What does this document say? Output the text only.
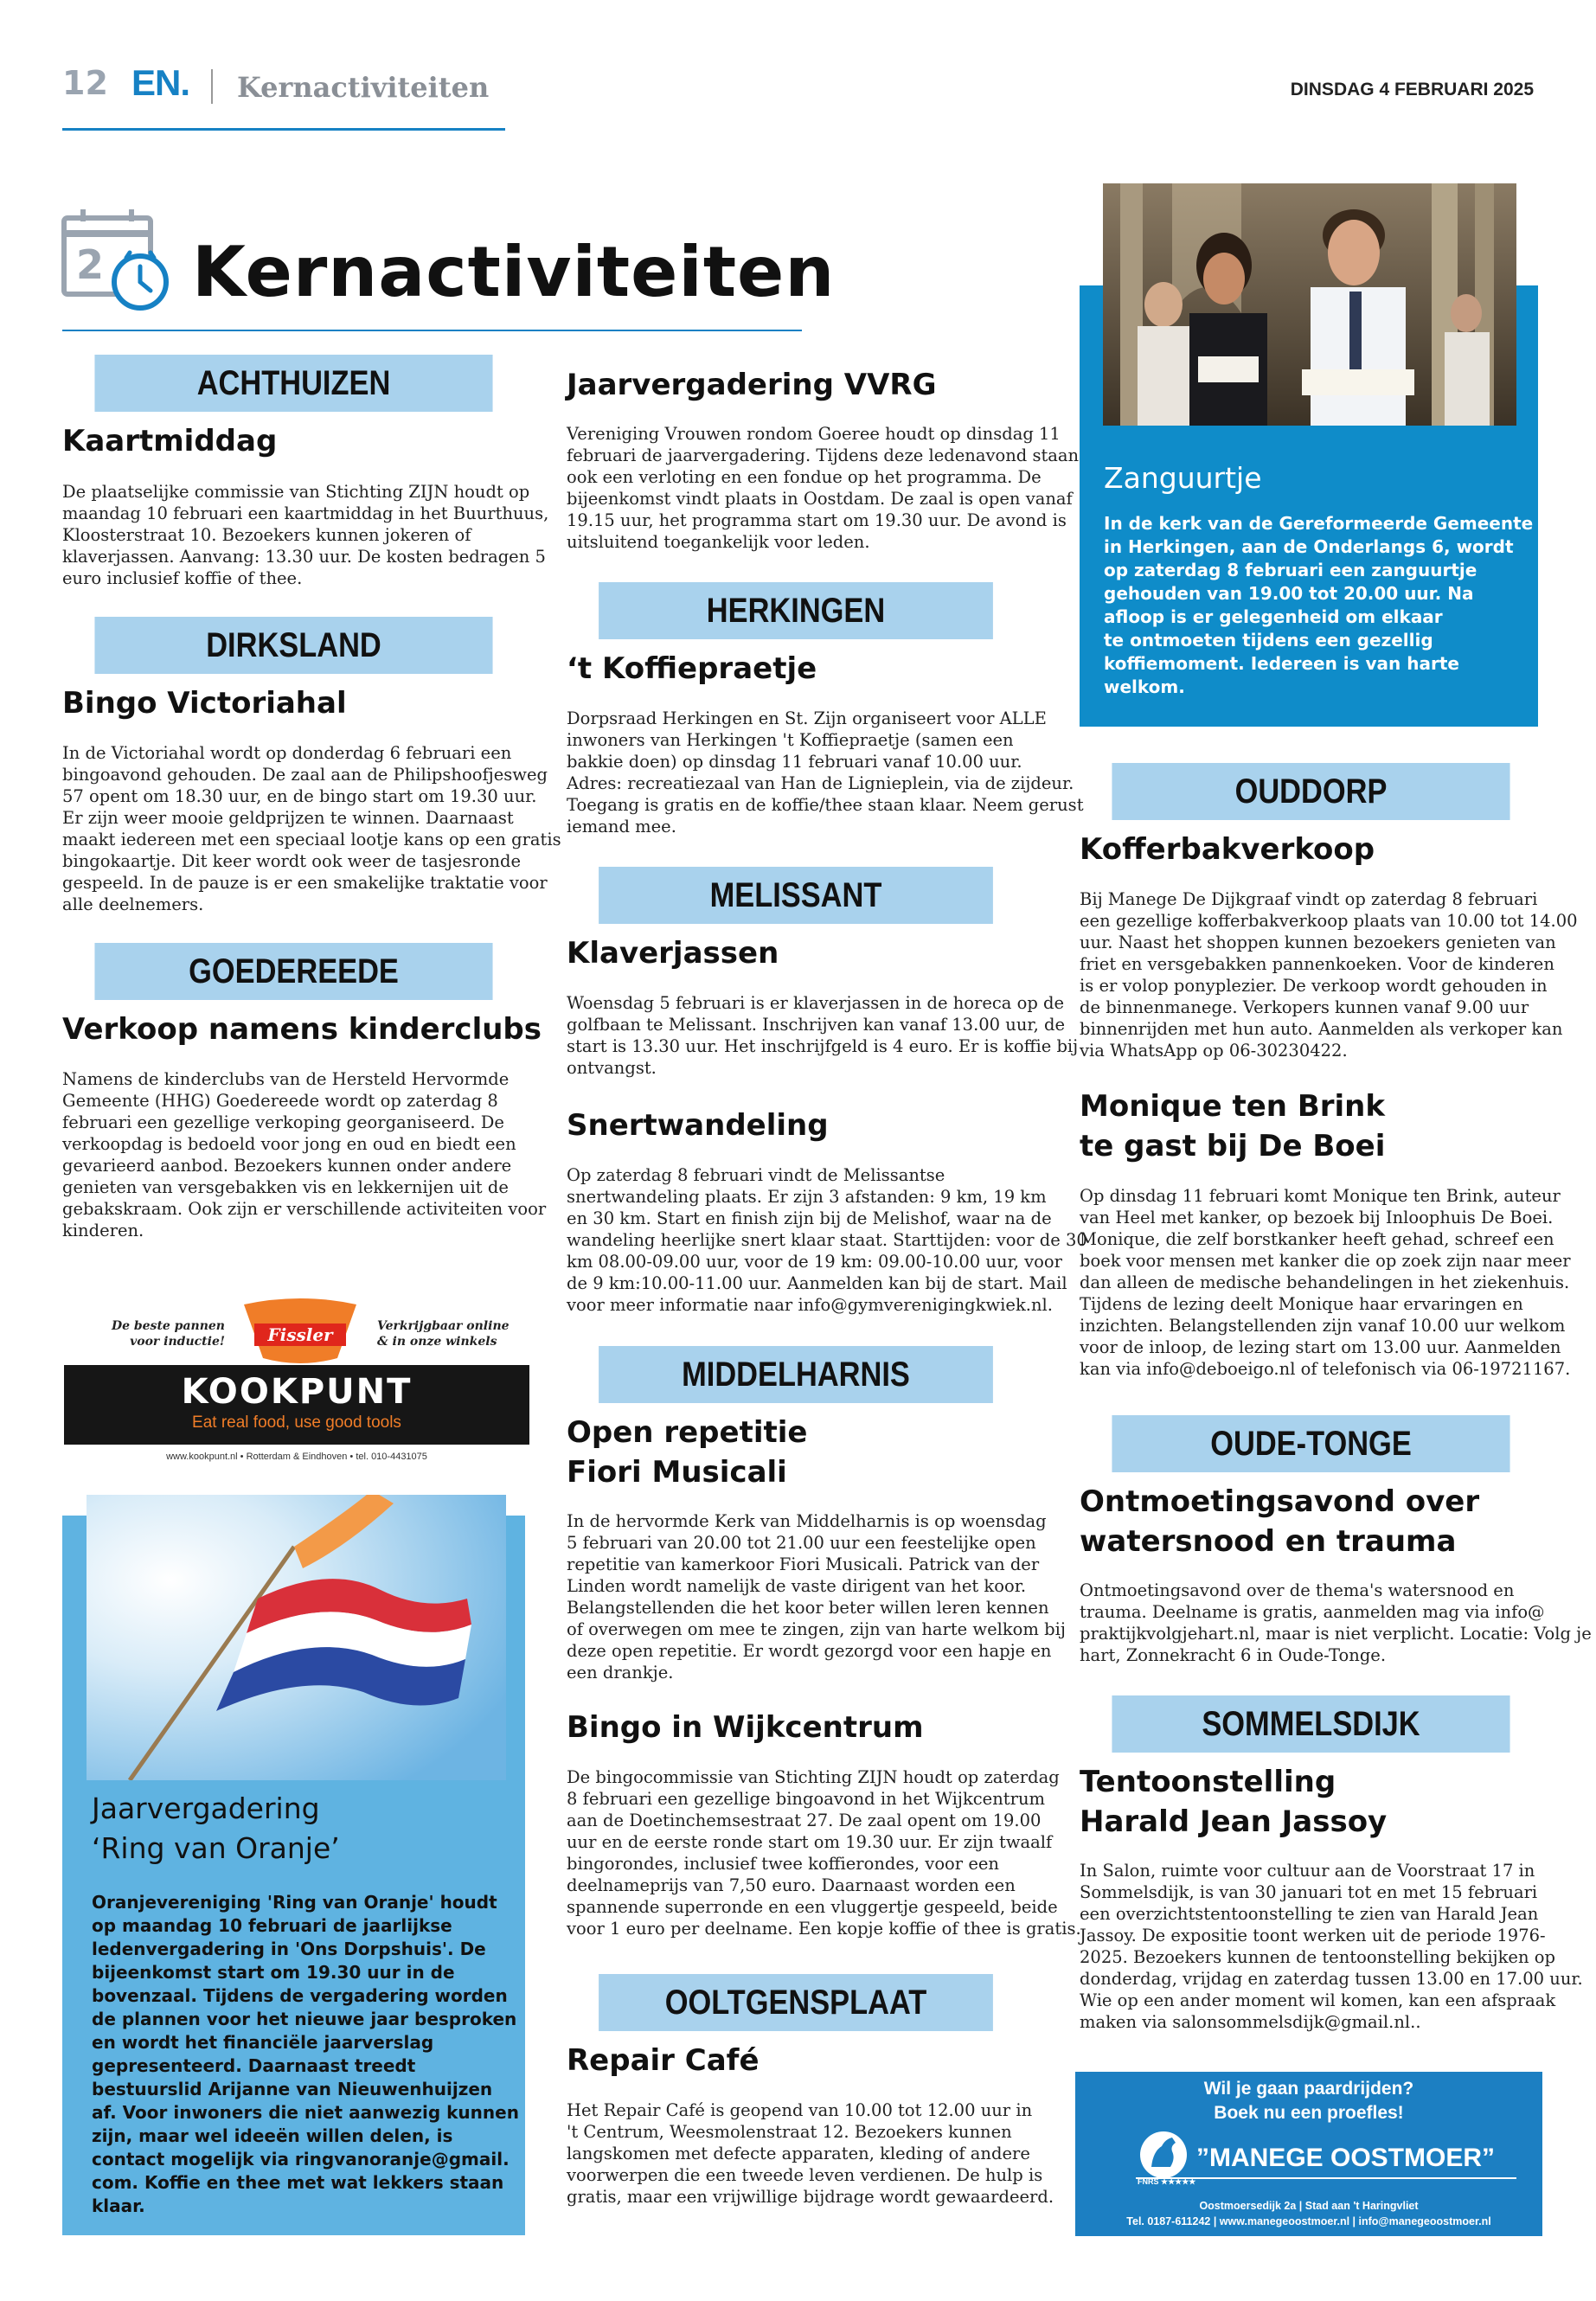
12 EN. Kernactiviteiten	DINSDAG 4 FEBRUARI 2025
2 Kernactiviteiten
ACHTHUIZEN
Kaartmiddag
De plaatselijke commissie van Stichting ZIJN houdt op
maandag 10 februari een kaartmiddag in het Buurthuus,
Kloosterstraat 10. Bezoekers kunnen jokeren of
klaverjassen. Aanvang: 13.30 uur. De kosten bedragen 5
euro inclusief koffie of thee.
DIRKSLAND
Bingo Victoriahal
In de Victoriahal wordt op donderdag 6 februari een
bingoavond gehouden. De zaal aan de Philipshoofjesweg
57 opent om 18.30 uur, en de bingo start om 19.30 uur.
Er zijn weer mooie geldprijzen te winnen. Daarnaast
maakt iedereen met een speciaal lootje kans op een gratis
bingokaartje. Dit keer wordt ook weer de tasjesronde
gespeeld. In de pauze is er een smakelijke traktatie voor
alle deelnemers.
GOEDEREEDE
Verkoop namens kinderclubs
Namens de kinderclubs van de Hersteld Hervormde
Gemeente (HHG) Goedereede wordt op zaterdag 8
februari een gezellige verkoping georganiseerd. De
verkoopdag is bedoeld voor jong en oud en biedt een
gevarieerd aanbod. Bezoekers kunnen onder andere
genieten van versgebakken vis en lekkernijen uit de
gebakskraam. Ook zijn er verschillende activiteiten voor
kinderen.
De beste pannen
voor inductie! Fissler	Verkrijgbaar online
& in onze winkels
KOOKPUNT
Eat real food, use good tools
www.kookpunt.nl • Rotterdam & Eindhoven • tel. 010-4431075
Jaarvergadering
‘Ring van Oranje’
Oranjevereniging 'Ring van Oranje' houdt
op maandag 10 februari de jaarlijkse
ledenvergadering in 'Ons Dorpshuis'. De
bijeenkomst start om 19.30 uur in de
bovenzaal. Tijdens de vergadering worden
de plannen voor het nieuwe jaar besproken
en wordt het financiële jaarverslag
gepresenteerd. Daarnaast treedt
bestuurslid Arijanne van Nieuwenhuijzen
af. Voor inwoners die niet aanwezig kunnen
zijn, maar wel ideeën willen delen, is
contact mogelijk via ringvanoranje@gmail.
com. Koffie en thee met wat lekkers staan
klaar.
Jaarvergadering VVRG
Vereniging Vrouwen rondom Goeree houdt op dinsdag 11
februari de jaarvergadering. Tijdens deze ledenavond staan
ook een verloting en een fondue op het programma. De
bijeenkomst vindt plaats in Oostdam. De zaal is open vanaf
19.15 uur, het programma start om 19.30 uur. De avond is
uitsluitend toegankelijk voor leden.
HERKINGEN
‘t Koffiepraetje
Dorpsraad Herkingen en St. Zijn organiseert voor ALLE
inwoners van Herkingen 't Koffiepraetje (samen een
bakkie doen) op dinsdag 11 februari vanaf 10.00 uur.
Adres: recreatiezaal van Han de Lignieplein, via de zijdeur.
Toegang is gratis en de koffie/thee staan klaar. Neem gerust
iemand mee.
MELISSANT
Klaverjassen
Woensdag 5 februari is er klaverjassen in de horeca op de
golfbaan te Melissant. Inschrijven kan vanaf 13.00 uur, de
start is 13.30 uur. Het inschrijfgeld is 4 euro. Er is koffie bij
ontvangst.
Snertwandeling
Op zaterdag 8 februari vindt de Melissantse
snertwandeling plaats. Er zijn 3 afstanden: 9 km, 19 km
en 30 km. Start en finish zijn bij de Melishof, waar na de
wandeling heerlijke snert klaar staat. Starttijden: voor de 30
km 08.00-09.00 uur, voor de 19 km: 09.00-10.00 uur, voor
de 9 km:10.00-11.00 uur. Aanmelden kan bij de start. Mail
voor meer informatie naar info@gymverenigingkwiek.nl.
MIDDELHARNIS
Open repetitie
Fiori Musicali
In de hervormde Kerk van Middelharnis is op woensdag
5 februari van 20.00 tot 21.00 uur een feestelijke open
repetitie van kamerkoor Fiori Musicali. Patrick van der
Linden wordt namelijk de vaste dirigent van het koor.
Belangstellenden die het koor beter willen leren kennen
of overwegen om mee te zingen, zijn van harte welkom bij
deze open repetitie. Er wordt gezorgd voor een hapje en
een drankje.
Bingo in Wijkcentrum
De bingocommissie van Stichting ZIJN houdt op zaterdag
8 februari een gezellige bingoavond in het Wijkcentrum
aan de Doetinchemsestraat 27. De zaal opent om 19.00
uur en de eerste ronde start om 19.30 uur. Er zijn twaalf
bingorondes, inclusief twee koffierondes, voor een
deelnameprijs van 7,50 euro. Daarnaast worden een
spannende superronde en een vluggertje gespeeld, beide
voor 1 euro per deelname. Een kopje koffie of thee is gratis.
OOLTGENSPLAAT
Repair Café
Het Repair Café is geopend van 10.00 tot 12.00 uur in
't Centrum, Weesmolenstraat 12. Bezoekers kunnen
langskomen met defecte apparaten, kleding of andere
voorwerpen die een tweede leven verdienen. De hulp is
gratis, maar een vrijwillige bijdrage wordt gewaardeerd.
Zanguurtje
In de kerk van de Gereformeerde Gemeente
in Herkingen, aan de Onderlangs 6, wordt
op zaterdag 8 februari een zanguurtje
gehouden van 19.00 tot 20.00 uur. Na
afloop is er gelegenheid om elkaar
te ontmoeten tijdens een gezellig
koffiemoment. Iedereen is van harte
welkom.
OUDDORP
Kofferbakverkoop
Bij Manege De Dijkgraaf vindt op zaterdag 8 februari
een gezellige kofferbakverkoop plaats van 10.00 tot 14.00
uur. Naast het shoppen kunnen bezoekers genieten van
friet en versgebakken pannenkoeken. Voor de kinderen
is er volop ponyplezier. De verkoop wordt gehouden in
de binnenmanege. Verkopers kunnen vanaf 9.00 uur
binnenrijden met hun auto. Aanmelden als verkoper kan
via WhatsApp op 06-30230422.
Monique ten Brink
te gast bij De Boei
Op dinsdag 11 februari komt Monique ten Brink, auteur
van Heel met kanker, op bezoek bij Inloophuis De Boei.
Monique, die zelf borstkanker heeft gehad, schreef een
boek voor mensen met kanker die op zoek zijn naar meer
dan alleen de medische behandelingen in het ziekenhuis.
Tijdens de lezing deelt Monique haar ervaringen en
inzichten. Belangstellenden zijn vanaf 10.00 uur welkom
voor de inloop, de lezing start om 13.00 uur. Aanmelden
kan via info@deboeigo.nl of telefonisch via 06-19721167.
OUDE-TONGE
Ontmoetingsavond over
watersnood en trauma
Ontmoetingsavond over de thema's watersnood en
trauma. Deelname is gratis, aanmelden mag via info@
praktijkvolgjehart.nl, maar is niet verplicht. Locatie: Volg je
hart, Zonnekracht 6 in Oude-Tonge.
SOMMELSDIJK
Tentoonstelling
Harald Jean Jassoy
In Salon, ruimte voor cultuur aan de Voorstraat 17 in
Sommelsdijk, is van 30 januari tot en met 15 februari
een overzichtstentoonstelling te zien van Harald Jean
Jassoy. De expositie toont werken uit de periode 1976-
2025. Bezoekers kunnen de tentoonstelling bekijken op
donderdag, vrijdag en zaterdag tussen 13.00 en 17.00 uur.
Wie op een ander moment wil komen, kan een afspraak
maken via salonsommelsdijk@gmail.nl..
Wil je gaan paardrijden?
Boek nu een proefles!
”MANEGE OOSTMOER”
FNRS ★★★★★
Oostmoersedijk 2a | Stad aan 't Haringvliet
Tel. 0187-611242 | www.manegeoostmoer.nl | info@manegeoostmoer.nl
